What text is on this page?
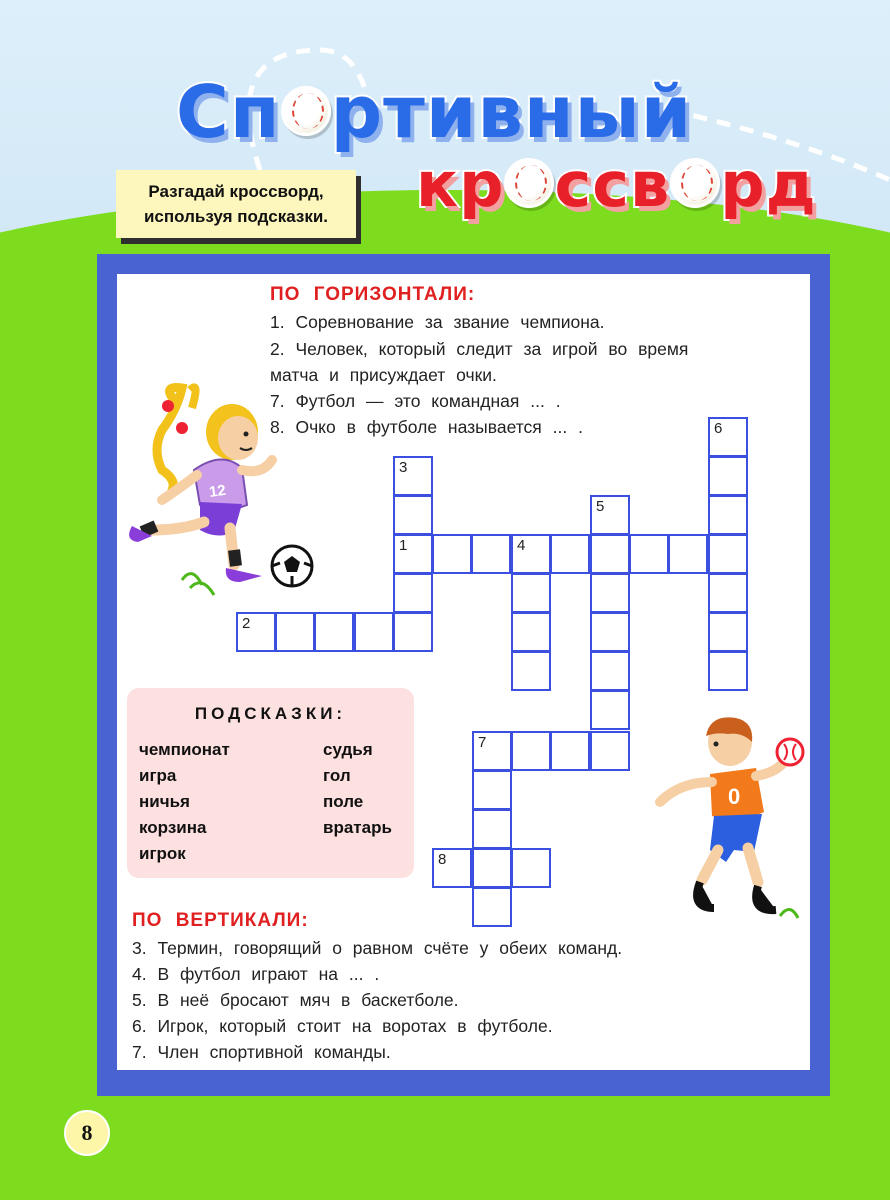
Сп ртивный
кр ссв рд
Разгадай кроссворд,
используя подсказки.
ПО ГОРИЗОНТАЛИ:
1. Соревнование за звание чемпиона.
2. Человек, который следит за игрой во время
матча и присуждает очки.
7. Футбол — это командная ... .
8. Очко в футболе называется ... .	6
3
5
1	4
2
7
8
12
ПОДСКАЗКИ:
чемпионат
игра
ничья
корзина
игрок
судья
гол
поле
вратарь
0
ПО ВЕРТИКАЛИ:
3. Термин, говорящий о равном счёте у обеих команд.
4. В футбол играют на ... .
5. В неё бросают мяч в баскетболе.
6. Игрок, который стоит на воротах в футболе.
7. Член спортивной команды.
8
